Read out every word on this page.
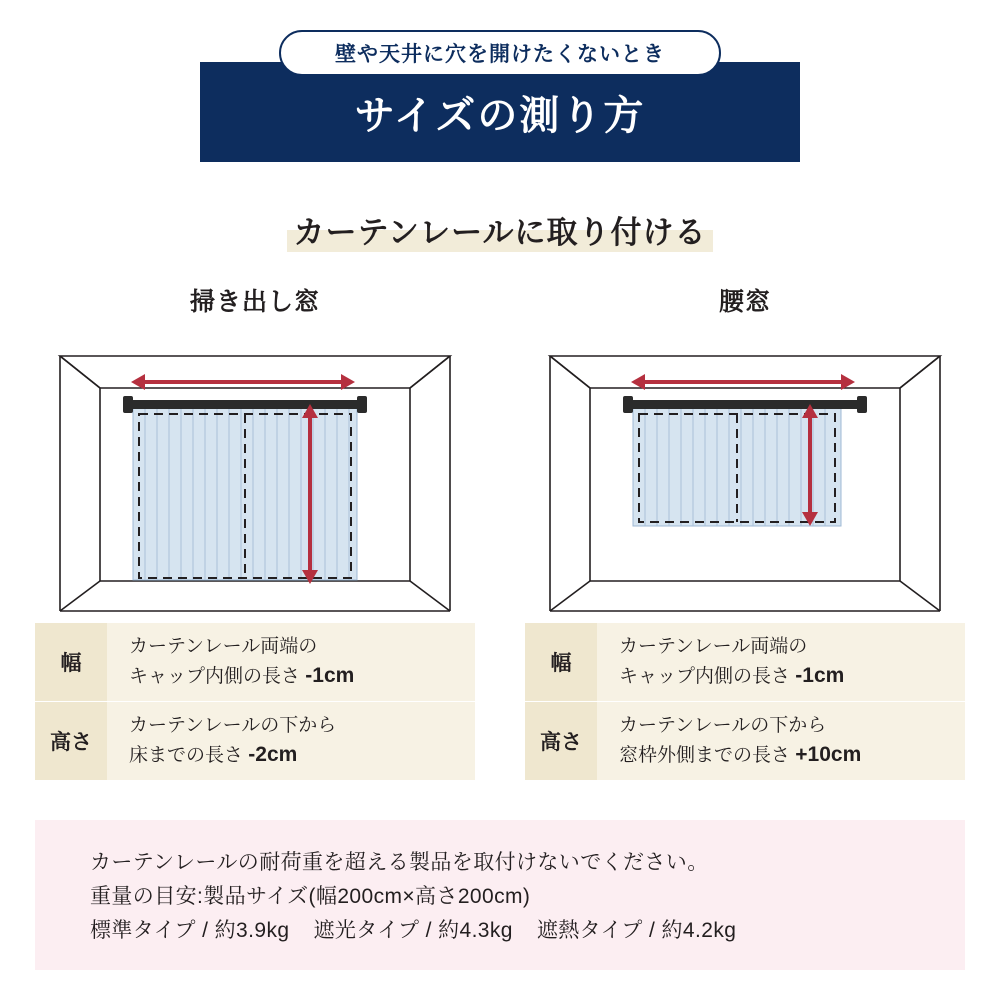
サイズの測り方
壁や天井に穴を開けたくないとき
カーテンレールに取り付ける
掃き出し窓	腰窓
幅
カーテンレール両端の
キャップ内側の長さ -1cm
高さ
カーテンレールの下から
床までの長さ -2cm
幅
カーテンレール両端の
キャップ内側の長さ -1cm
高さ
カーテンレールの下から
窓枠外側までの長さ +10cm
カーテンレールの耐荷重を超える製品を取付けないでください。
重量の目安:製品サイズ(幅200cm×高さ200cm)
標準タイプ / 約3.9kg 遮光タイプ / 約4.3kg 遮熱タイプ / 約4.2kg
